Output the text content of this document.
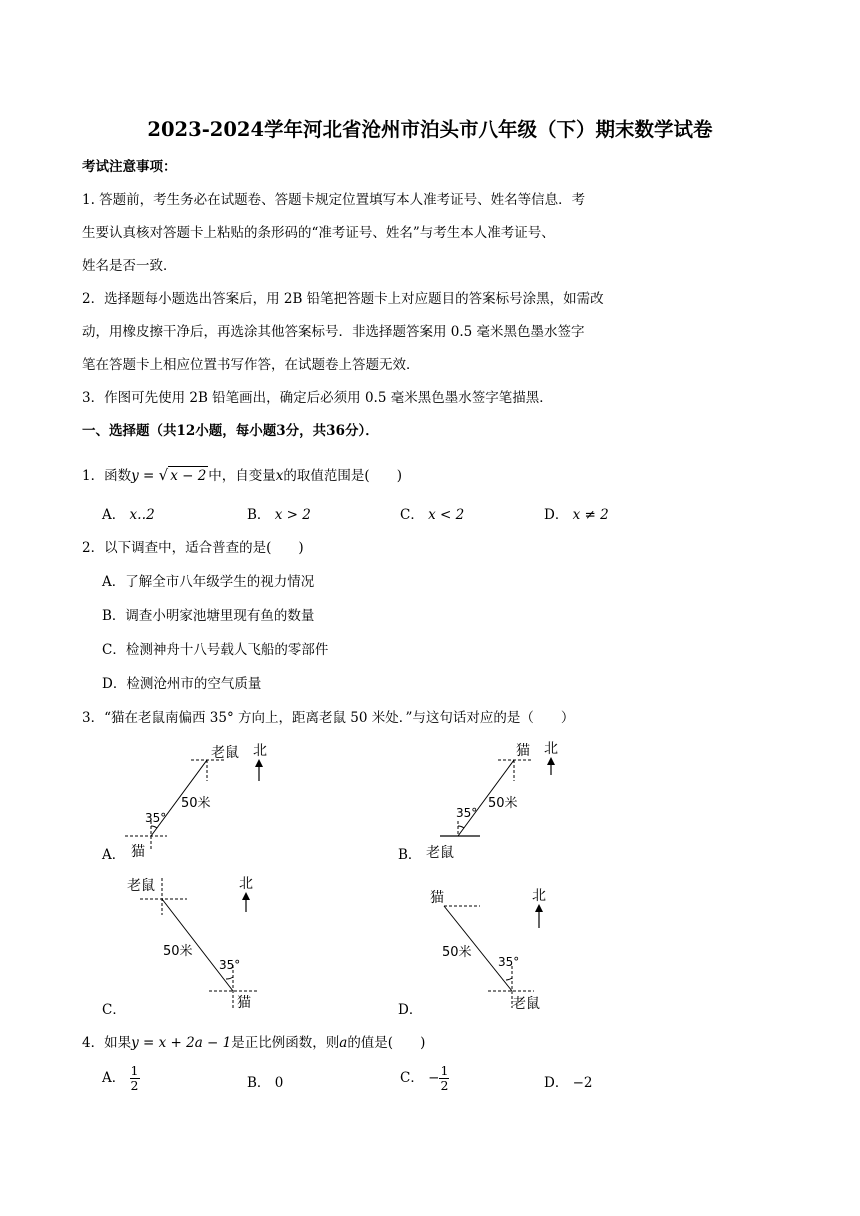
2023-2024学年河北省沧州市泊头市八年级（下）期末数学试卷
考试注意事项：
1. 答题前，考生务必在试题卷、答题卡规定位置填写本人准考证号、姓名等信息．考
生要认真核对答题卡上粘贴的条形码的“准考证号、姓名”与考生本人准考证号、
姓名是否一致．
2．选择题每小题选出答案后，用 2B 铅笔把答题卡上对应题目的答案标号涂黑，如需改
动，用橡皮擦干净后，再选涂其他答案标号．非选择题答案用 0.5 毫米黑色墨水签字
笔在答题卡上相应位置书写作答，在试题卷上答题无效．
3．作图可先使用 2B 铅笔画出，确定后必须用 0.5 毫米黑色墨水签字笔描黑．
一、选择题（共12小题，每小题3分，共36分）．
1．函数y = √ x − 2 中，自变量x的取值范围是(　　)
A． x‥2	B． x > 2	C． x < 2	D． x ≠ 2
2．以下调查中，适合普查的是(　　)
A．了解全市八年级学生的视力情况
B．调查小明家池塘里现有鱼的数量
C．检测神舟十八号载人飞船的零部件
D．检测沧州市的空气质量
3．“猫在老鼠南偏西 35° 方向上，距离老鼠 50 米处．”与这句话对应的是（　　）
老鼠 北
50米
35°
猫
A．
猫 北
50米
35°
老鼠
B．
老鼠	北
50米
35°
猫
C．
猫	北
50米
35°
老鼠
D．
4．如果y = x + 2a − 1是正比例函数，则a的值是(　　)
A． $\frac{1}{2}$	B． 0	C． − $\frac{1}{2}$	D． −2
